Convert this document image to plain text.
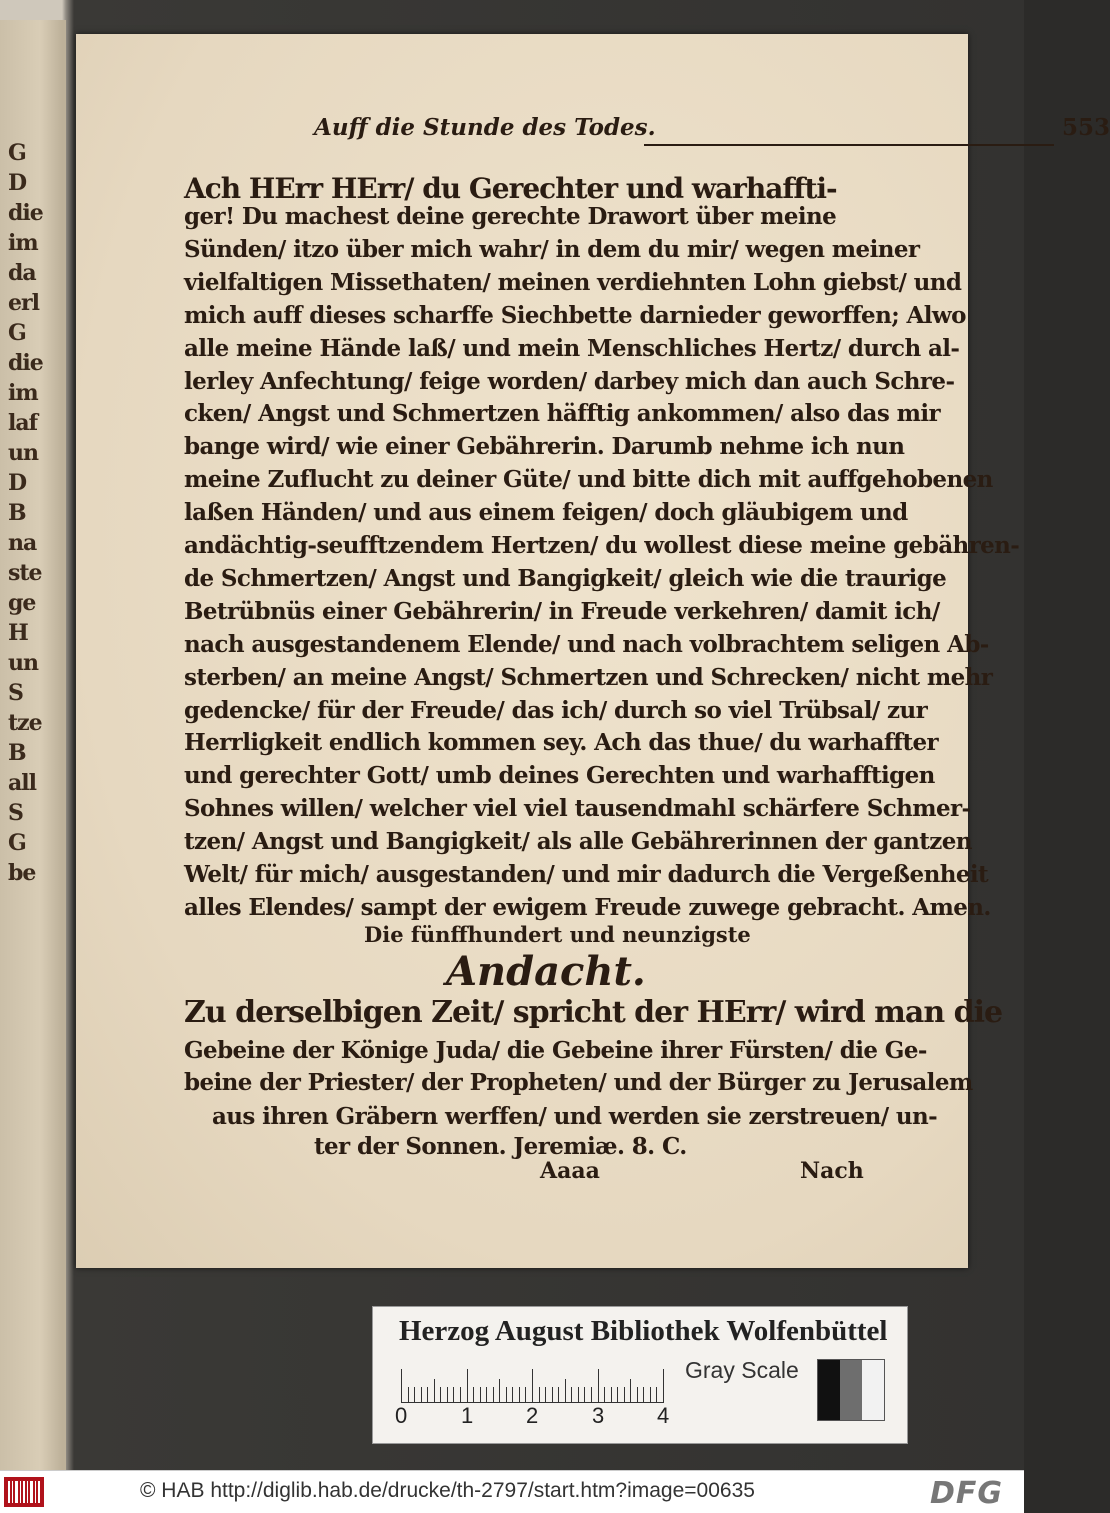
G
D
die
im
da
erl
G
die
im
laf
un
D
B
na
ste
ge
H
un
S
tze
B
all
S
G
be
Auff die Stunde des Todes.	553
Ach HErr HErr/ du Gerechter und warhaffti-
ger! Du machest deine gerechte Drawort über meine
Sünden/ itzo über mich wahr/ in dem du mir/ wegen meiner
vielfaltigen Missethaten/ meinen verdiehnten Lohn giebst/ und
mich auff dieses scharffe Siechbette darnieder geworffen; Alwo
alle meine Hände laß/ und mein Menschliches Hertz/ durch al-
lerley Anfechtung/ feige worden/ darbey mich dan auch Schre-
cken/ Angst und Schmertzen häfftig ankommen/ also das mir
bange wird/ wie einer Gebährerin. Darumb nehme ich nun
meine Zuflucht zu deiner Güte/ und bitte dich mit auffgehobenen
laßen Händen/ und aus einem feigen/ doch gläubigem und
andächtig-seufftzendem Hertzen/ du wollest diese meine gebähren-
de Schmertzen/ Angst und Bangigkeit/ gleich wie die traurige
Betrübnüs einer Gebährerin/ in Freude verkehren/ damit ich/
nach ausgestandenem Elende/ und nach volbrachtem seligen Ab-
sterben/ an meine Angst/ Schmertzen und Schrecken/ nicht mehr
gedencke/ für der Freude/ das ich/ durch so viel Trübsal/ zur
Herrligkeit endlich kommen sey. Ach das thue/ du warhaffter
und gerechter Gott/ umb deines Gerechten und warhafftigen
Sohnes willen/ welcher viel viel tausendmahl schärfere Schmer-
tzen/ Angst und Bangigkeit/ als alle Gebährerinnen der gantzen
Welt/ für mich/ ausgestanden/ und mir dadurch die Vergeßenheit
alles Elendes/ sampt der ewigem Freude zuwege gebracht. Amen.
Die fünffhundert und neunzigste
Andacht.
Zu derselbigen Zeit/ spricht der HErr/ wird man die
Gebeine der Könige Juda/ die Gebeine ihrer Fürsten/ die Ge-
beine der Priester/ der Propheten/ und der Bürger zu Jerusalem
aus ihren Gräbern werffen/ und werden sie zerstreuen/ un-
ter der Sonnen. Jeremiæ. 8. C.
Aaaa	Nach
Herzog August Bibliothek Wolfenbüttel
0 1 2 3 4
Gray Scale
© HAB http://diglib.hab.de/drucke/th-2797/start.htm?image=00635	DFG
